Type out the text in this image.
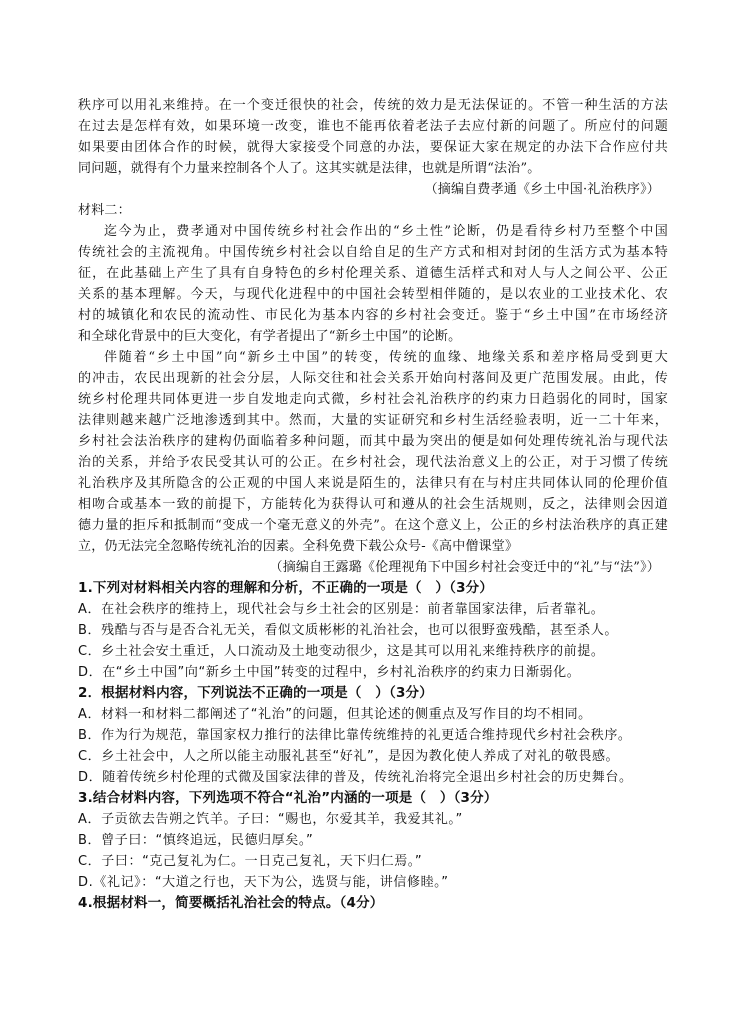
秩序可以用礼来维持。在一个变迁很快的社会，传统的效力是无法保证的。不管一种生活的方法
在过去是怎样有效，如果环境一改变，谁也不能再依着老法子去应付新的问题了。所应付的问题
如果要由团体合作的时候，就得大家接受个同意的办法，要保证大家在规定的办法下合作应付共
同问题，就得有个力量来控制各个人了。这其实就是法律，也就是所谓“法治”。
（摘编自费孝通《乡土中国·礼治秩序》）
材料二：
迄今为止，费孝通对中国传统乡村社会作出的“乡土性”论断，仍是看待乡村乃至整个中国
传统社会的主流视角。中国传统乡村社会以自给自足的生产方式和相对封闭的生活方式为基本特
征，在此基础上产生了具有自身特色的乡村伦理关系、道德生活样式和对人与人之间公平、公正
关系的基本理解。今天，与现代化进程中的中国社会转型相伴随的，是以农业的工业技术化、农
村的城镇化和农民的流动性、市民化为基本内容的乡村社会变迁。鉴于“乡土中国”在市场经济
和全球化背景中的巨大变化，有学者提出了“新乡土中国”的论断。
伴随着“乡土中国”向“新乡土中国”的转变，传统的血缘、地缘关系和差序格局受到更大
的冲击，农民出现新的社会分层，人际交往和社会关系开始向村落间及更广范围发展。由此，传
统乡村伦理共同体更进一步自发地走向式微，乡村社会礼治秩序的约束力日趋弱化的同时，国家
法律则越来越广泛地渗透到其中。然而，大量的实证研究和乡村生活经验表明，近一二十年来，
乡村社会法治秩序的建构仍面临着多种问题，而其中最为突出的便是如何处理传统礼治与现代法
治的关系，并给予农民受其认可的公正。在乡村社会，现代法治意义上的公正，对于习惯了传统
礼治秩序及其所隐含的公正观的中国人来说是陌生的，法律只有在与村庄共同体认同的伦理价值
相吻合或基本一致的前提下，方能转化为获得认可和遵从的社会生活规则，反之，法律则会因道
德力量的拒斥和抵制而“变成一个毫无意义的外壳”。在这个意义上，公正的乡村法治秩序的真正建
立，仍无法完全忽略传统礼治的因素。全科免费下载公众号-《高中僧课堂》
（摘编自王露璐《伦理视角下中国乡村社会变迁中的“礼”与“法”》）
1.下列对材料相关内容的理解和分析，不正确的一项是（　）（3分）
A．在社会秩序的维持上，现代社会与乡土社会的区别是：前者靠国家法律，后者靠礼。
B．残酷与否与是否合礼无关，看似文质彬彬的礼治社会，也可以很野蛮残酷，甚至杀人。
C．乡土社会安土重迁，人口流动及土地变动很少，这是其可以用礼来维持秩序的前提。
D．在“乡土中国”向“新乡土中国”转变的过程中，乡村礼治秩序的约束力日渐弱化。
2．根据材料内容，下列说法不正确的一项是（　）（3分）
A．材料一和材料二都阐述了“礼治”的问题，但其论述的侧重点及写作目的均不相同。
B．作为行为规范，靠国家权力推行的法律比靠传统维持的礼更适合维持现代乡村社会秩序。
C．乡土社会中，人之所以能主动服礼甚至“好礼”，是因为教化使人养成了对礼的敬畏感。
D．随着传统乡村伦理的式微及国家法律的普及，传统礼治将完全退出乡村社会的历史舞台。
3.结合材料内容，下列选项不符合“礼治”内涵的一项是（　）（3分）
A．子贡欲去告朔之饩羊。子曰：“赐也，尔爱其羊，我爱其礼。”
B．曾子曰：“慎终追远，民德归厚矣。”
C．子曰：“克己复礼为仁。一日克己复礼，天下归仁焉。”
D.《礼记》：“大道之行也，天下为公，选贤与能，讲信修睦。”
4.根据材料一，简要概括礼治社会的特点。（4分）
